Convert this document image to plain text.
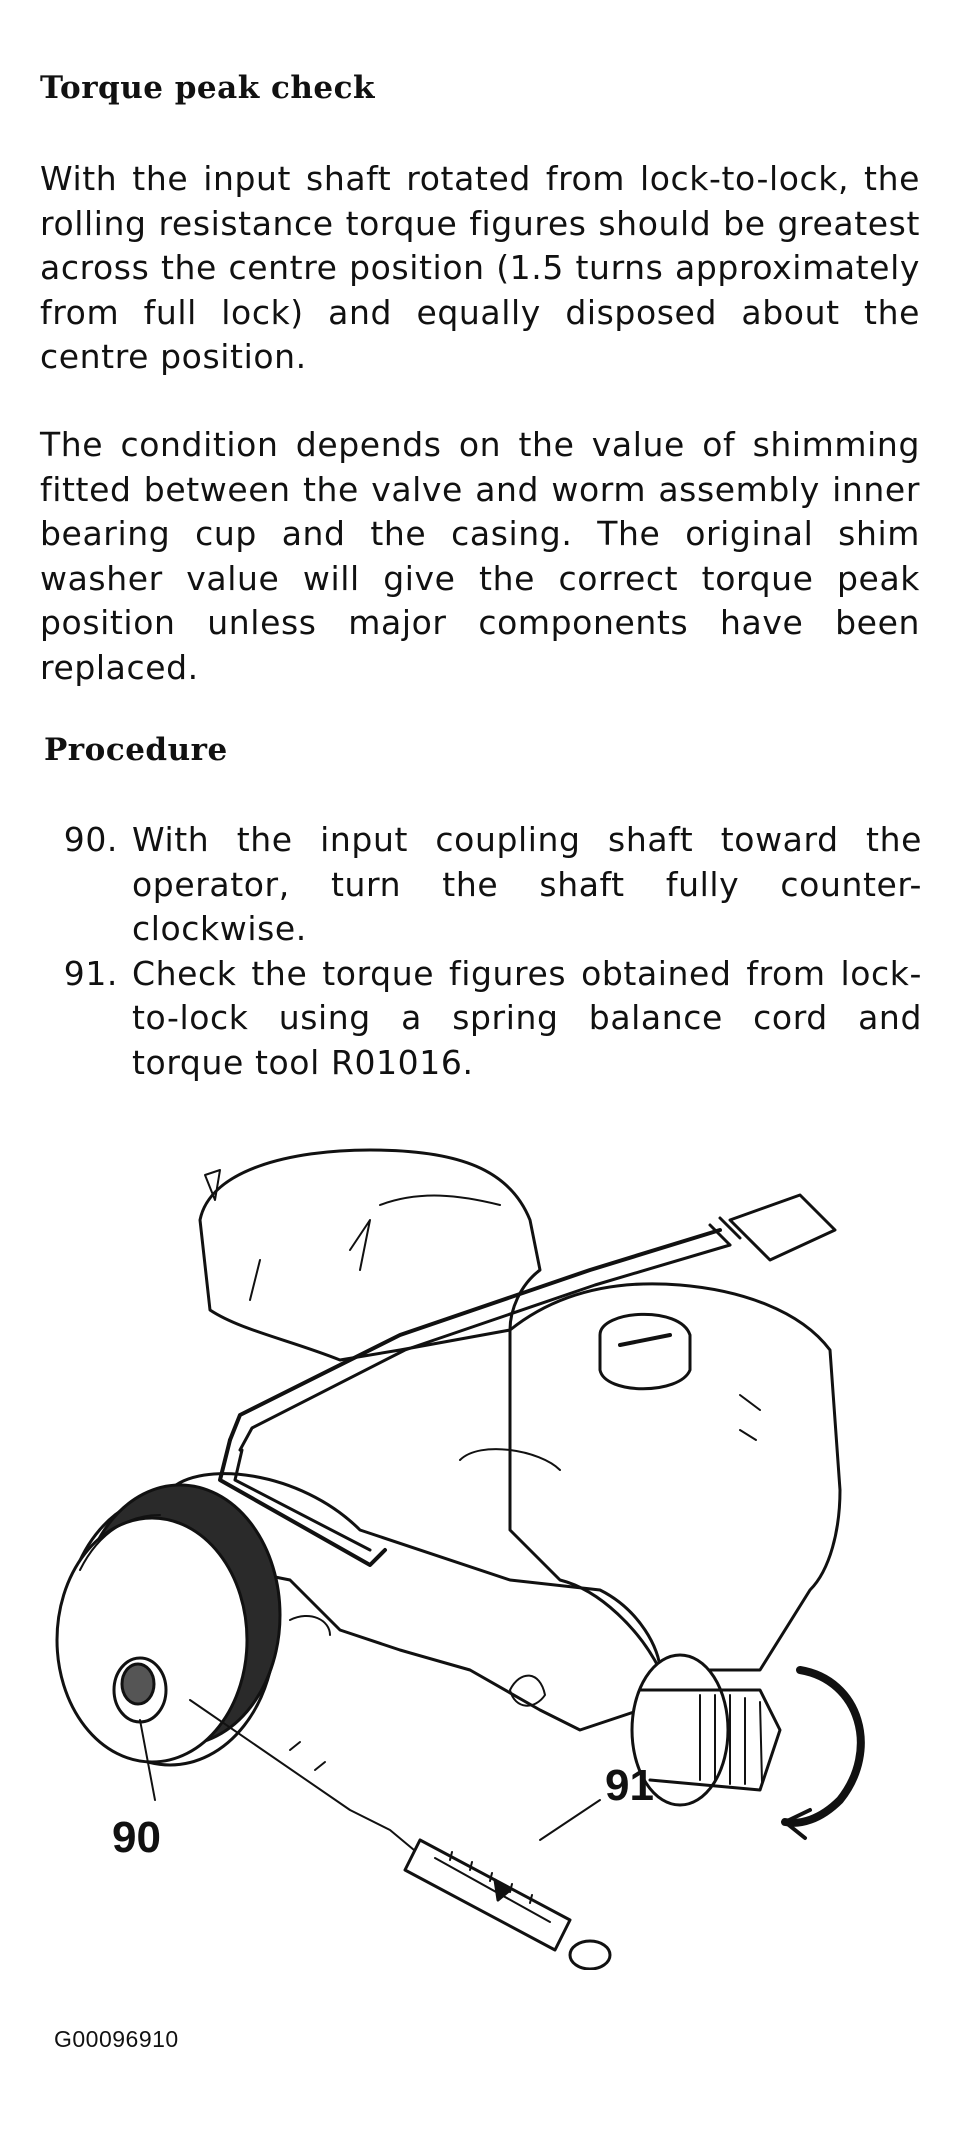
Torque peak check

With the input shaft rotated from lock-to-lock, the rolling resistance torque figures should be greatest across the centre position (1.5 turns approximately from full lock) and equally disposed about the centre position.

The condition depends on the value of shimming fitted between the valve and worm assembly inner bearing cup and the casing. The original shim washer value will give the correct torque peak position unless major components have been replaced.

Procedure
90. With the input coupling shaft toward the operator, turn the shaft fully counter-clockwise.
91. Check the torque figures obtained from lock-to-lock using a spring balance cord and torque tool R01016.
90
91
G00096910
